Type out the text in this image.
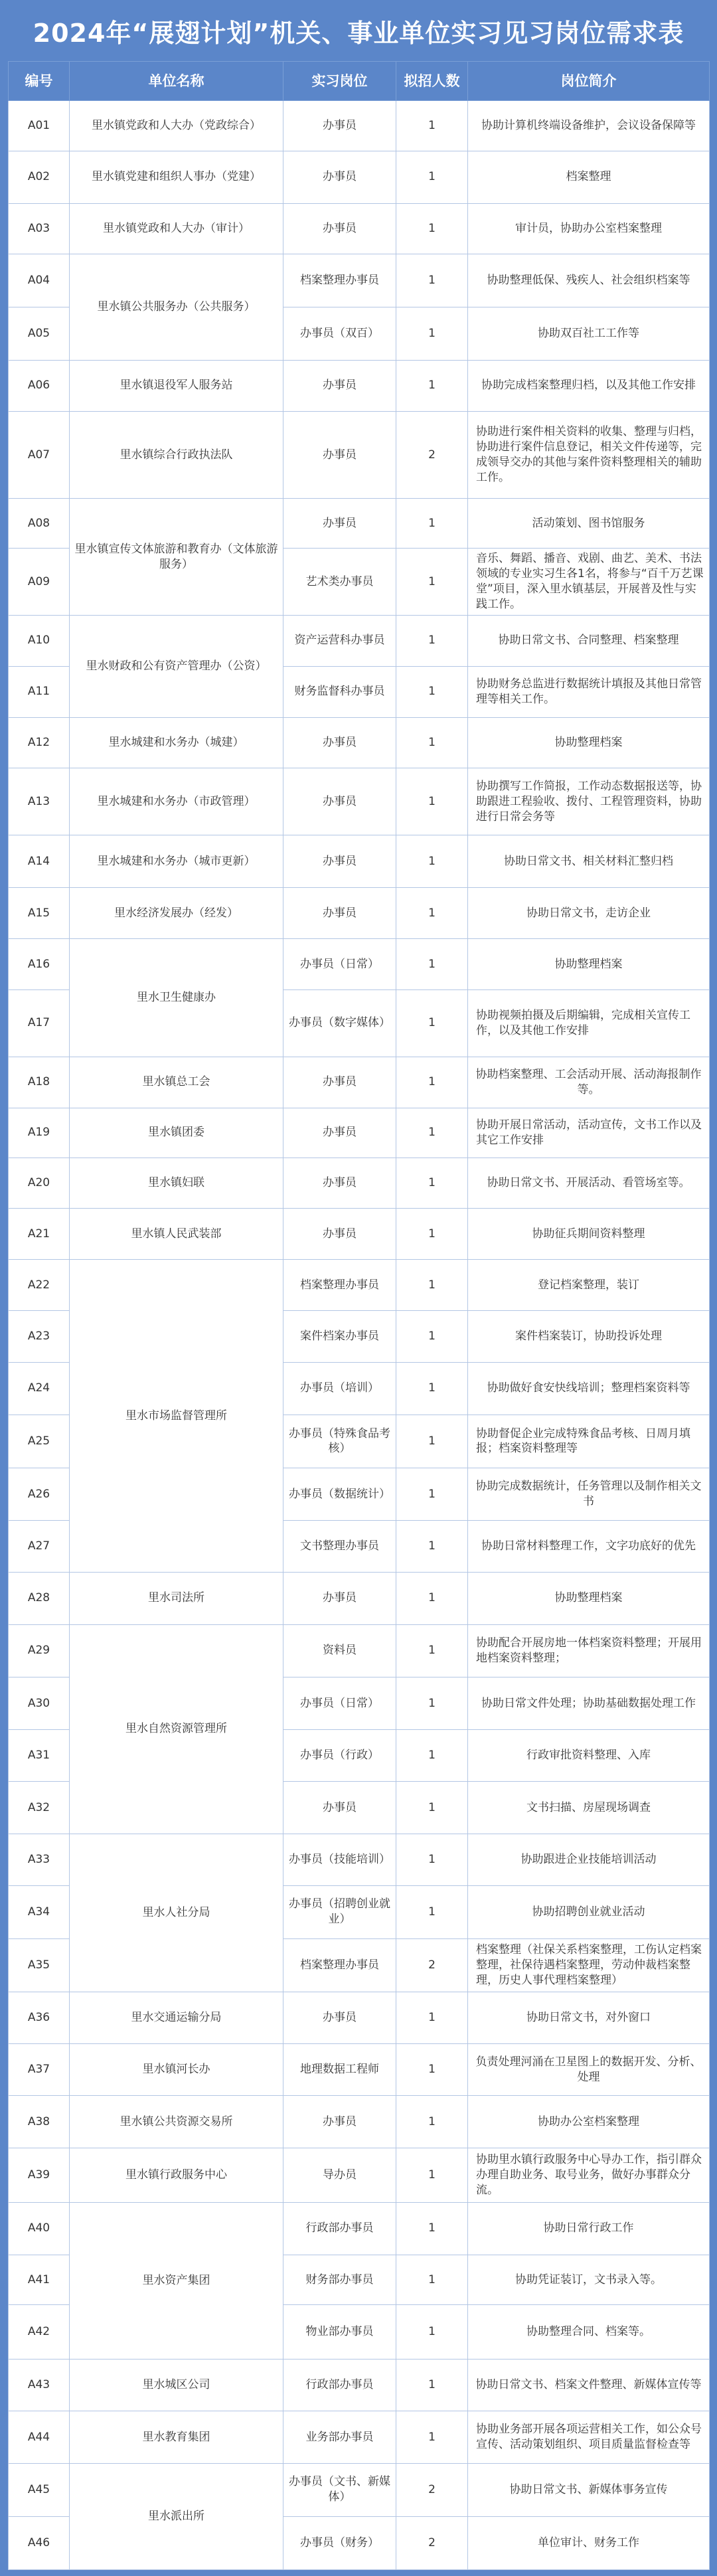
2024年“展翅计划”机关、事业单位实习见习岗位需求表
编号	单位名称	实习岗位	拟招人数	岗位简介
A01	里水镇党政和人大办（党政综合）	办事员	1	协助计算机终端设备维护，会议设备保障等
A02	里水镇党建和组织人事办（党建）	办事员	1	档案整理
A03	里水镇党政和人大办（审计）	办事员	1	审计员，协助办公室档案整理
A04	里水镇公共服务办（公共服务）	档案整理办事员	1	协助整理低保、残疾人、社会组织档案等
A05		办事员（双百）	1	协助双百社工工作等
A06	里水镇退役军人服务站	办事员	1	协助完成档案整理归档，以及其他工作安排
A07	里水镇综合行政执法队	办事员	2	协助进行案件相关资料的收集、整理与归档，协助进行案件信息登记，相关文件传递等，完成领导交办的其他与案件资料整理相关的辅助工作。
A08	里水镇宣传文体旅游和教育办（文体旅游服务）	办事员	1	活动策划、图书馆服务
A09		艺术类办事员	1	音乐、舞蹈、播音、戏剧、曲艺、美术、书法领域的专业实习生各1名，将参与“百千万艺课堂”项目，深入里水镇基层，开展普及性与实践工作。
A10	里水财政和公有资产管理办（公资）	资产运营科办事员	1	协助日常文书、合同整理、档案整理
A11		财务监督科办事员	1	协助财务总监进行数据统计填报及其他日常管理等相关工作。
A12	里水城建和水务办（城建）	办事员	1	协助整理档案
A13	里水城建和水务办（市政管理）	办事员	1	协助撰写工作简报，工作动态数据报送等，协助跟进工程验收、拨付、工程管理资料，协助进行日常会务等
A14	里水城建和水务办（城市更新）	办事员	1	协助日常文书、相关材料汇整归档
A15	里水经济发展办（经发）	办事员	1	协助日常文书，走访企业
A16	里水卫生健康办	办事员（日常）	1	协助整理档案
A17		办事员（数字媒体）	1	协助视频拍摄及后期编辑，完成相关宣传工作，以及其他工作安排
A18	里水镇总工会	办事员	1	协助档案整理、工会活动开展、活动海报制作等。
A19	里水镇团委	办事员	1	协助开展日常活动，活动宣传，文书工作以及其它工作安排
A20	里水镇妇联	办事员	1	协助日常文书、开展活动、看管场室等。
A21	里水镇人民武装部	办事员	1	协助征兵期间资料整理
A22	里水市场监督管理所	档案整理办事员	1	登记档案整理，装订
A23		案件档案办事员	1	案件档案装订，协助投诉处理
A24		办事员（培训）	1	协助做好食安快线培训；整理档案资料等
A25		办事员（特殊食品考核）	1	协助督促企业完成特殊食品考核、日周月填报；档案资料整理等
A26		办事员（数据统计）	1	协助完成数据统计，任务管理以及制作相关文书
A27		文书整理办事员	1	协助日常材料整理工作，文字功底好的优先
A28	里水司法所	办事员	1	协助整理档案
A29	里水自然资源管理所	资料员	1	协助配合开展房地一体档案资料整理；开展用地档案资料整理；
A30		办事员（日常）	1	协助日常文件处理；协助基础数据处理工作
A31		办事员（行政）	1	行政审批资料整理、入库
A32		办事员	1	文书扫描、房屋现场调查
A33	里水人社分局	办事员（技能培训）	1	协助跟进企业技能培训活动
A34		办事员（招聘创业就业）	1	协助招聘创业就业活动
A35		档案整理办事员	2	档案整理（社保关系档案整理，工伤认定档案整理，社保待遇档案整理，劳动仲裁档案整理，历史人事代理档案整理）
A36	里水交通运输分局	办事员	1	协助日常文书，对外窗口
A37	里水镇河长办	地理数据工程师	1	负责处理河涌在卫星图上的数据开发、分析、处理
A38	里水镇公共资源交易所	办事员	1	协助办公室档案整理
A39	里水镇行政服务中心	导办员	1	协助里水镇行政服务中心导办工作，指引群众办理自助业务、取号业务，做好办事群众分流。
A40	里水资产集团	行政部办事员	1	协助日常行政工作
A41		财务部办事员	1	协助凭证装订，文书录入等。
A42		物业部办事员	1	协助整理合同、档案等。
A43	里水城区公司	行政部办事员	1	协助日常文书、档案文件整理、新媒体宣传等
A44	里水教育集团	业务部办事员	1	协助业务部开展各项运营相关工作，如公众号宣传、活动策划组织、项目质量监督检查等
A45	里水派出所	办事员（文书、新媒体）	2	协助日常文书、新媒体事务宣传
A46		办事员（财务）	2	单位审计、财务工作
